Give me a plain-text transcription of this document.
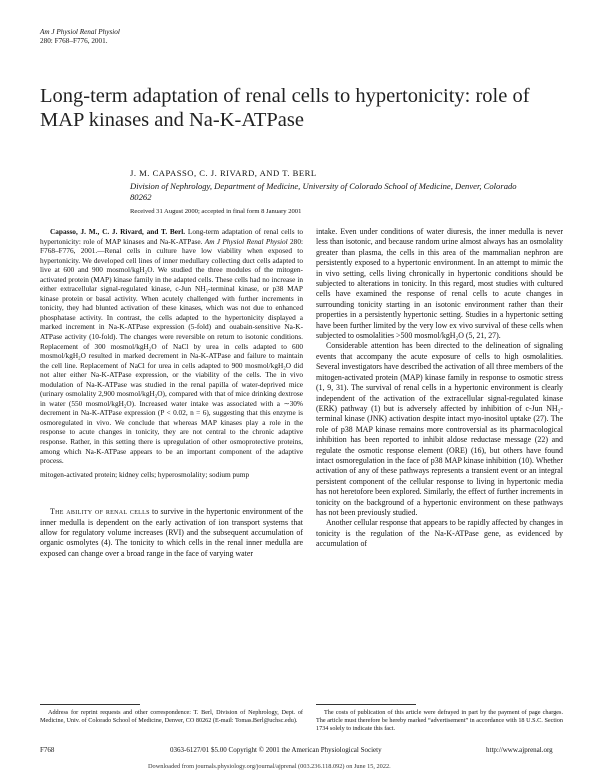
Am J Physiol Renal Physiol
280: F768–F776, 2001.
Long-term adaptation of renal cells to hypertonicity: role of MAP kinases and Na-K-ATPase
J. M. CAPASSO, C. J. RIVARD, AND T. BERL
Division of Nephrology, Department of Medicine, University of Colorado School of Medicine, Denver, Colorado 80262
Received 31 August 2000; accepted in final form 8 January 2001
Capasso, J. M., C. J. Rivard, and T. Berl. Long-term adaptation of renal cells to hypertonicity: role of MAP kinases and Na-K-ATPase. Am J Physiol Renal Physiol 280: F768–F776, 2001.—Renal cells in culture have low viability when exposed to hypertonicity. We developed cell lines of inner medullary collecting duct cells adapted to live at 600 and 900 mosmol/kgH₂O. We studied the three modules of the mitogen-activated protein (MAP) kinase family in the adapted cells. These cells had no increase in either extracellular signal-regulated kinase, c-Jun NH₂-terminal kinase, or p38 MAP kinase protein or basal activity. When acutely challenged with further increments in tonicity, they had blunted activation of these kinases, which was not due to enhanced phosphatase activity. In contrast, the cells adapted to the hypertonicity displayed a marked increment in Na-K-ATPase expression (5-fold) and ouabain-sensitive Na-K-ATPase activity (10-fold). The changes were reversible on return to isotonic conditions. Replacement of 300 mosmol/kgH₂O of NaCl by urea in cells adapted to 600 mosmol/kgH₂O resulted in marked decrement in Na-K-ATPase and failure to maintain the cell line. Replacement of NaCl for urea in cells adapted to 900 mosmol/kgH₂O did not alter either Na-K-ATPase expression, or the viability of the cells. The in vivo modulation of Na-K-ATPase was studied in the renal papilla of water-deprived mice (urinary osmolality 2,900 mosmol/kgH₂O), compared with that of mice drinking dextrose in water (550 mosmol/kgH₂O). Increased water intake was associated with a ∼30% decrement in Na-K-ATPase expression (P < 0.02, n = 6), suggesting that this enzyme is osmoregulated in vivo. We conclude that whereas MAP kinases play a role in the response to acute changes in tonicity, they are not central to the chronic adaptive response. Rather, in this setting there is upregulation of other osmoprotective proteins, among which Na-K-ATPase appears to be an important component of the adaptive process.
mitogen-activated protein; kidney cells; hyperosmolality; sodium pump
The ability of renal cells to survive in the hypertonic environment of the inner medulla is dependent on the early activation of ion transport systems that allow for regulatory volume increases (RVI) and the subsequent accumulation of organic osmolytes (4). The tonicity to which cells in the renal inner medulla are exposed can change over a broad range in the face of varying water

intake. Even under conditions of water diuresis, the inner medulla is never less than isotonic, and because random urine almost always has an osmolality greater than plasma, the cells in this area of the mammalian nephron are persistently exposed to a hypertonic environment. In an attempt to mimic the in vivo setting, cells living chronically in hypertonic conditions should be subjected to alterations in tonicity. In this regard, most studies with cultured cells have examined the response of renal cells to acute changes in surrounding tonicity starting in an isotonic environment rather than their properties in a persistently hypertonic setting. Studies in a hypertonic setting have been further limited by the very low ex vivo survival of these cells when subjected to osmolalities >500 mosmol/kgH₂O (5, 21, 27).

Considerable attention has been directed to the delineation of signaling events that accompany the acute exposure of cells to high osmolalities. Several investigators have described the activation of all three members of the mitogen-activated protein (MAP) kinase family in response to osmotic stress (1, 9, 31). The survival of renal cells in a hypertonic environment is clearly independent of the activation of the extracellular signal-regulated kinase (ERK) pathway (1) but is adversely affected by inhibition of c-Jun NH₂-terminal kinase (JNK) activation despite intact myo-inositol uptake (27). The role of p38 MAP kinase remains more controversial as its pharmacological inhibition has been reported to inhibit aldose reductase message (22) and regulate the osmotic response element (ORE) (16), but others have found intact osmoregulation in the face of p38 MAP kinase inhibition (10). Whether activation of any of these pathways represents a transient event or an integral persistent component of the cellular response to living in hypertonic media has not heretofore been explored. Similarly, the effect of further increments in tonicity on the background of a hypertonic environment on these pathways has not been previously studied.

Another cellular response that appears to be rapidly affected by changes in tonicity is the regulation of the Na-K-ATPase gene, as evidenced by accumulation of

Address for reprint requests and other correspondence: T. Berl, Division of Nephrology, Dept. of Medicine, Univ. of Colorado School of Medicine, Denver, CO 80262 (E-mail: Tomas.Berl@uchsc.edu).
The costs of publication of this article were defrayed in part by the payment of page charges. The article must therefore be hereby marked “advertisement” in accordance with 18 U.S.C. Section 1734 solely to indicate this fact.
F768	0363-6127/01 $5.00 Copyright © 2001 the American Physiological Society	http://www.ajprenal.org
Downloaded from journals.physiology.org/journal/ajprenal (003.236.118.092) on June 15, 2022.
